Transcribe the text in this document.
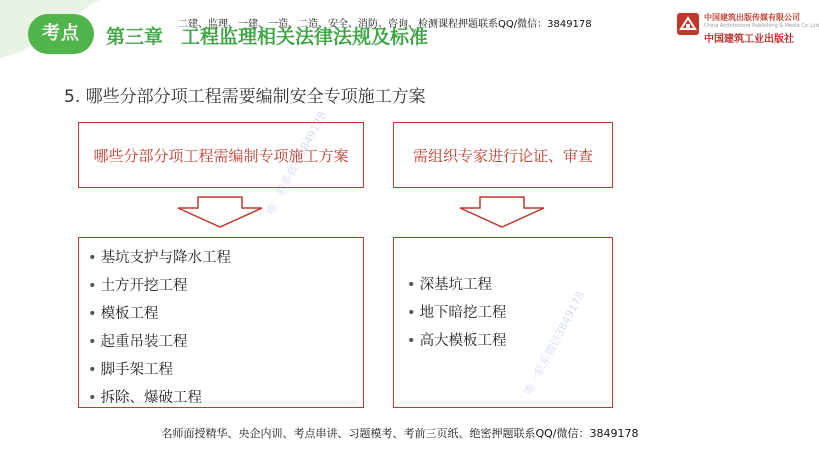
考点	二建、监理、一建、一造、二造、安全、消防、咨询、检测课程押题联系QQ/微信：3849178
第三章 工程监理相关法律法规及标准
中国建筑出版传媒有限公司
China Architecture Publishing & Media Co.,Ltd
中国建筑工业出版社
5. 哪些分部分项工程需要编制安全专项施工方案
哪些分部分项工程需编制专项施工方案
• 基坑支护与降水工程
• 土方开挖工程
• 模板工程
• 起重吊装工程
• 脚手架工程
• 拆除、爆破工程
需组织专家进行论证、审查
• 深基坑工程
• 地下暗挖工程
• 高大模板工程
唯一联系微信3849178
唯一联系微信3849178
名师面授精华、央企内训、考点串讲、习题模考、考前三页纸、绝密押题联系QQ/微信：3849178
